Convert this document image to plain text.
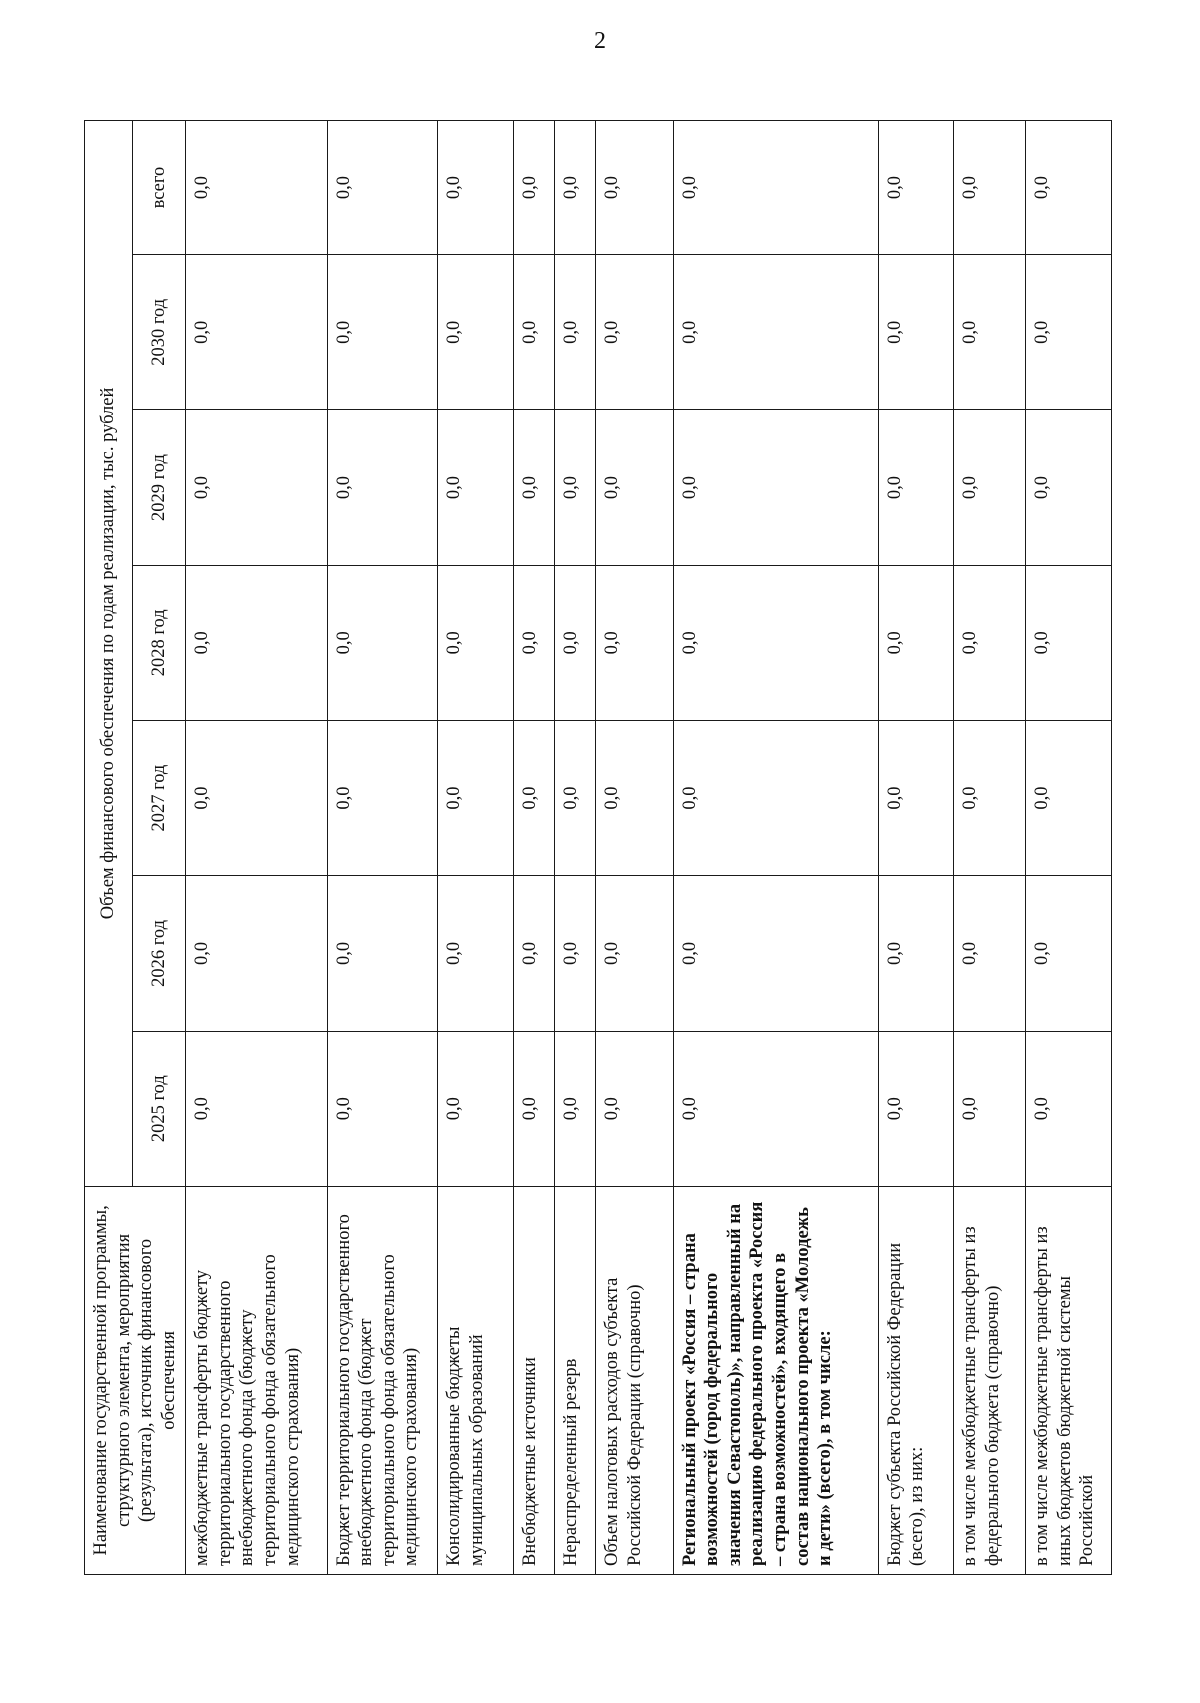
2
Наименование государственной программы, структурного элемента, мероприятия (результата), источник финансового обеспечения	Объем финансового обеспечения по годам реализации, тыс. рублей						
	2025 год	2026 год	2027 год	2028 год	2029 год	2030 год	всего
межбюджетные трансферты бюджету территориального государственного внебюджетного фонда (бюджету территориального фонда обязательного медицинского страхования)	0,0	0,0	0,0	0,0	0,0	0,0	0,0
Бюджет территориального государственного внебюджетного фонда (бюджет территориального фонда обязательного медицинского страхования)	0,0	0,0	0,0	0,0	0,0	0,0	0,0
Консолидированные бюджеты муниципальных образований	0,0	0,0	0,0	0,0	0,0	0,0	0,0
Внебюджетные источники	0,0	0,0	0,0	0,0	0,0	0,0	0,0
Нераспределенный резерв	0,0	0,0	0,0	0,0	0,0	0,0	0,0
Объем налоговых расходов субъекта Российской Федерации (справочно)	0,0	0,0	0,0	0,0	0,0	0,0	0,0
Региональный проект «Россия – страна возможностей (город федерального значения Севастополь)», направленный на реализацию федерального проекта «Россия – страна возможностей», входящего в состав национального проекта «Молодежь и дети» (всего), в том числе:	0,0	0,0	0,0	0,0	0,0	0,0	0,0
Бюджет субъекта Российской Федерации (всего), из них:	0,0	0,0	0,0	0,0	0,0	0,0	0,0
в том числе межбюджетные трансферты из федерального бюджета (справочно)	0,0	0,0	0,0	0,0	0,0	0,0	0,0
в том числе межбюджетные трансферты из иных бюджетов бюджетной системы Российской	0,0	0,0	0,0	0,0	0,0	0,0	0,0
